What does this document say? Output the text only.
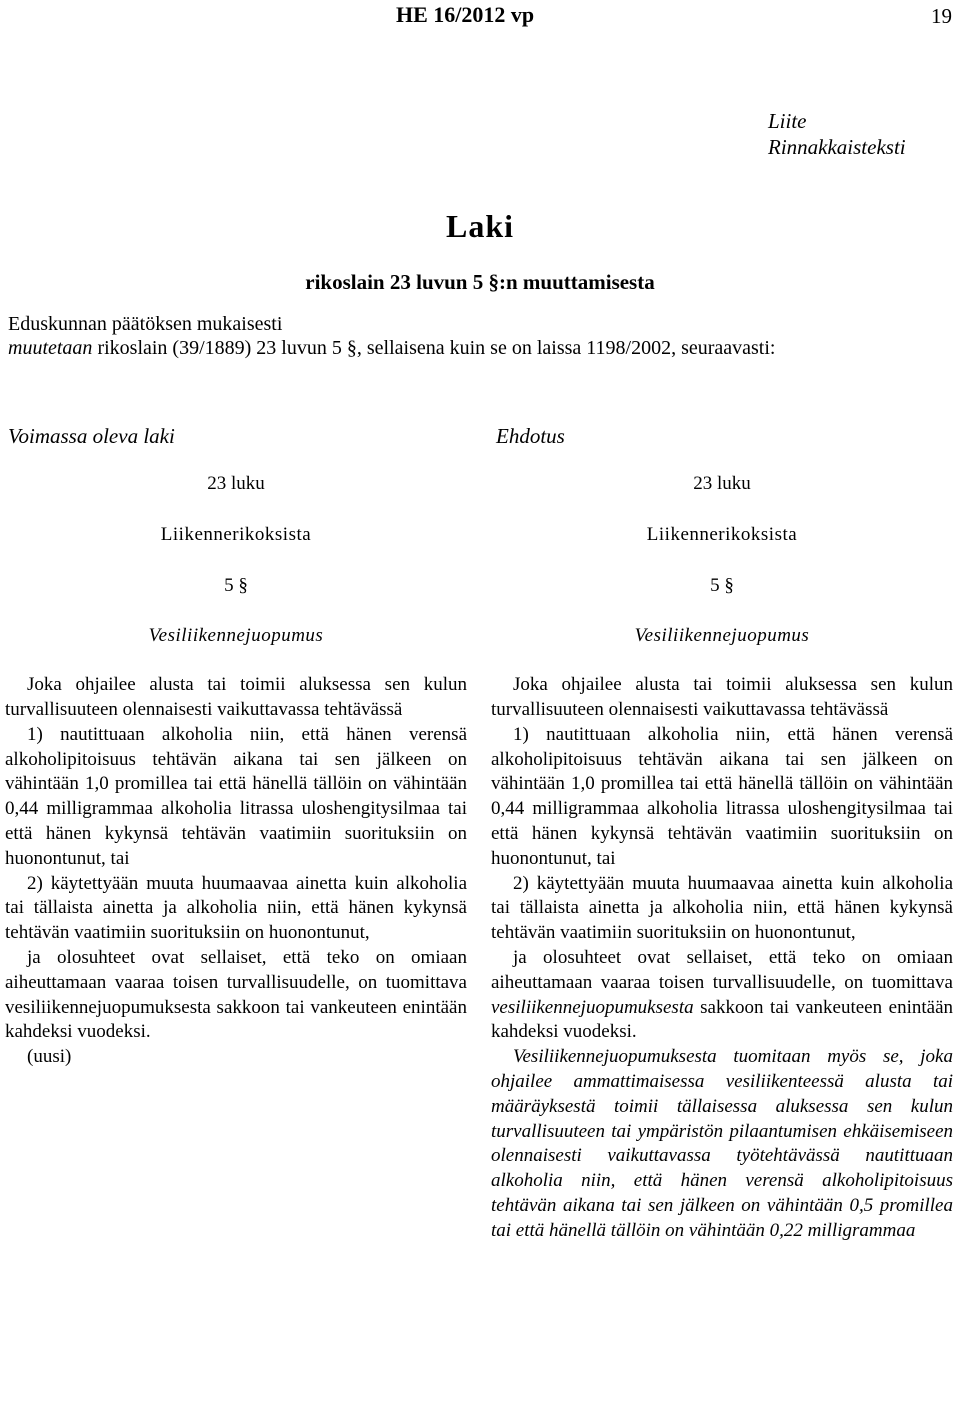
HE 16/2012 vp	19
Liite
Rinnakkaisteksti
Laki
rikoslain 23 luvun 5 §:n muuttamisesta
Eduskunnan päätöksen mukaisesti
muutetaan rikoslain (39/1889) 23 luvun 5 §, sellaisena kuin se on laissa 1198/2002, seuraavasti:
Voimassa oleva laki	Ehdotus
23 luku
Liikennerikoksista
5 §
Vesiliikennejuopumus

Joka ohjailee alusta tai toimii aluksessa sen kulun turvallisuuteen olennaisesti vaikuttavassa tehtävässä

1) nautittuaan alkoholia niin, että hänen verensä alkoholipitoisuus tehtävän aikana tai sen jälkeen on vähintään 1,0 promillea tai että hänellä tällöin on vähintään 0,44 milligrammaa alkoholia litrassa uloshengitysilmaa tai että hänen kykynsä tehtävän vaatimiin suorituksiin on huonontunut, tai

2) käytettyään muuta huumaavaa ainetta kuin alkoholia tai tällaista ainetta ja alkoholia niin, että hänen kykynsä tehtävän vaatimiin suorituksiin on huonontunut,

ja olosuhteet ovat sellaiset, että teko on omiaan aiheuttamaan vaaraa toisen turvallisuudelle, on tuomittava vesiliikennejuopumuksesta sakkoon tai vankeuteen enintään kahdeksi vuodeksi.

(uusi)

23 luku
Liikennerikoksista
5 §
Vesiliikennejuopumus

Joka ohjailee alusta tai toimii aluksessa sen kulun turvallisuuteen olennaisesti vaikuttavassa tehtävässä

1) nautittuaan alkoholia niin, että hänen verensä alkoholipitoisuus tehtävän aikana tai sen jälkeen on vähintään 1,0 promillea tai että hänellä tällöin on vähintään 0,44 milligrammaa alkoholia litrassa uloshengitysilmaa tai että hänen kykynsä tehtävän vaatimiin suorituksiin on huonontunut, tai

2) käytettyään muuta huumaavaa ainetta kuin alkoholia tai tällaista ainetta ja alkoholia niin, että hänen kykynsä tehtävän vaatimiin suorituksiin on huonontunut,

ja olosuhteet ovat sellaiset, että teko on omiaan aiheuttamaan vaaraa toisen turvallisuudelle, on tuomittava vesiliikennejuopumuksesta sakkoon tai vankeuteen enintään kahdeksi vuodeksi.

Vesiliikennejuopumuksesta tuomitaan myös se, joka ohjailee ammattimaisessa vesiliikenteessä alusta tai määräyksestä toimii tällaisessa aluksessa sen kulun turvallisuuteen tai ympäristön pilaantumisen ehkäisemiseen olennaisesti vaikuttavassa työtehtävässä nautittuaan alkoholia niin, että hänen verensä alkoholipitoisuus tehtävän aikana tai sen jälkeen on vähintään 0,5 promillea tai että hänellä tällöin on vähintään 0,22 milligrammaa
